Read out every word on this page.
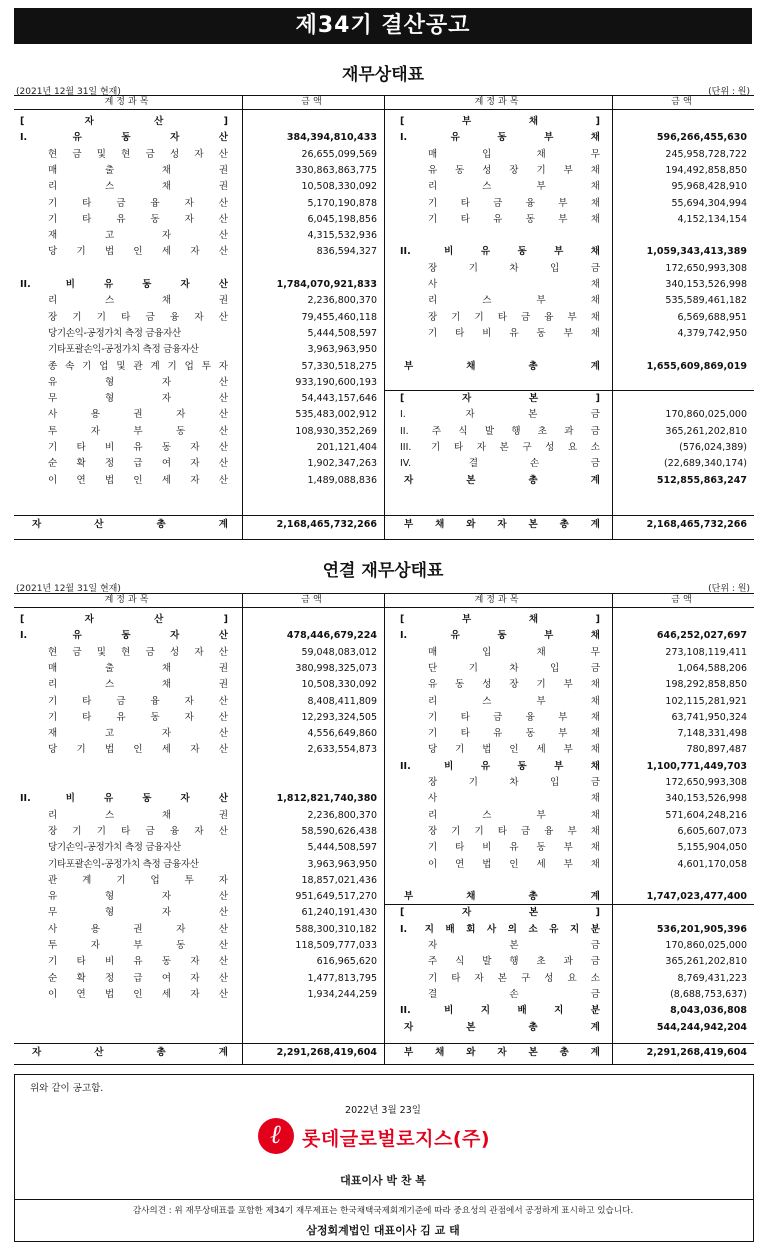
제34기 결산공고
재무상태표
(2021년 12월 31일 현재)	(단위 : 원)
계정과목	금액	계정과목	금액
[	자	산	]
I.	유	동	자	산	384,394,810,433
현 금 및 현 금 성 자 산	26,655,099,569
매	출	채	권	330,863,863,775
리	스	채	권	10,508,330,092
기	타	금	융	자	산	5,170,190,878
기	타	유	동	자	산	6,045,198,856
재	고	자	산	4,315,532,936
당 기 법 인 세 자 산	836,594,327
II.	비	유	동	자	산	1,784,070,921,833
리	스	채	권	2,236,800,370
장 기 기 타 금 융 자 산	79,455,460,118
당기손익-공정가치 측정 금융자산	5,444,508,597
기타포괄손익-공정가치 측정 금융자산	3,963,963,950
종 속 기 업 및 관 계 기 업 투 자	57,330,518,275
유	형	자	산	933,190,600,193
무	형	자	산	54,443,157,646
사	용	권	자	산	535,483,002,912
투	자	부	동	산	108,930,352,269
기 타 비 유 동 자 산	201,121,404
순 확 정 급 여 자 산	1,902,347,263
이 연 법 인 세 자 산	1,489,088,836
[	부	채	]
I.	유	동	부	채	596,266,455,630
매	입	채	무	245,958,728,722
유 동 성 장 기 부 채	194,492,858,850
리	스	부	채	95,968,428,910
기 타 금 융 부 채	55,694,304,994
기 타 유 동 부 채	4,152,134,154
II.	비	유	동	부	채	1,059,343,413,389
장	기	차	입	금	172,650,993,308
사	채	340,153,526,998
리	스	부	채	535,589,461,182
장 기 기 타 금 융 부 채	6,569,688,951
기 타 비 유 동 부 채	4,379,742,950
부	채	총	계	1,655,609,869,019
[	자	본	]
I.	자	본	금	170,860,025,000
II. 주 식 발 행 초 과 금	365,261,202,810
III. 기 타 자 본 구 성 요 소	(576,024,389)
IV.	결	손	금	(22,689,340,174)
자	본	총	계	512,855,863,247
자	산	총	계	2,168,465,732,266	부 채 와 자 본 총 계	2,168,465,732,266
연결 재무상태표
(2021년 12월 31일 현재)	(단위 : 원)
계정과목	금액	계정과목	금액
[	자	산	]
I.	유	동	자	산	478,446,679,224
현 금 및 현 금 성 자 산	59,048,083,012
매	출	채	권	380,998,325,073
리	스	채	권	10,508,330,092
기	타	금	융	자	산	8,408,411,809
기	타	유	동	자	산	12,293,324,505
재	고	자	산	4,556,649,860
당 기 법 인 세 자 산	2,633,554,873
II.	비	유	동	자	산	1,812,821,740,380
리	스	채	권	2,236,800,370
장 기 기 타 금 융 자 산	58,590,626,438
당기손익-공정가치 측정 금융자산	5,444,508,597
기타포괄손익-공정가치 측정 금융자산	3,963,963,950
관	계	기	업	투	자	18,857,021,436
유	형	자	산	951,649,517,270
무	형	자	산	61,240,191,430
사	용	권	자	산	588,300,310,182
투	자	부	동	산	118,509,777,033
기 타 비 유 동 자 산	616,965,620
순 확 정 급 여 자 산	1,477,813,795
이 연 법 인 세 자 산	1,934,244,259
[	부	채	]
I.	유	동	부	채	646,252,027,697
매	입	채	무	273,108,119,411
단	기	차	입	금	1,064,588,206
유 동 성 장 기 부 채	198,292,858,850
리	스	부	채	102,115,281,921
기 타 금 융 부 채	63,741,950,324
기 타 유 동 부 채	7,148,331,498
당 기 법 인 세 부 채	780,897,487
II.	비	유	동	부	채	1,100,771,449,703
장	기	차	입	금	172,650,993,308
사	채	340,153,526,998
리	스	부	채	571,604,248,216
장 기 기 타 금 융 부 채	6,605,607,073
기 타 비 유 동 부 채	5,155,904,050
이 연 법 인 세 부 채	4,601,170,058
부	채	총	계	1,747,023,477,400
[	자	본	]
I. 지 배 회 사 의 소 유 지 분	536,201,905,396
자	본	금	170,860,025,000
주 식 발 행 초 과 금	365,261,202,810
기 타 자 본 구 성 요 소	8,769,431,223
결	손	금	(8,688,753,637)
II.	비	지	배	지	분	8,043,036,808
자	본	총	계	544,244,942,204
자	산	총	계	2,291,268,419,604	부 채 와 자 본 총 계	2,291,268,419,604
위와 같이 공고함.
2022년 3월 23일
ℓ	롯데글로벌로지스(주)
대표이사 박 찬 복
감사의견 : 위 재무상태표를 포함한 제34기 재무제표는 한국채택국제회계기준에 따라 중요성의 관점에서 공정하게 표시하고 있습니다.
삼정회계법인 대표이사 김 교 태
